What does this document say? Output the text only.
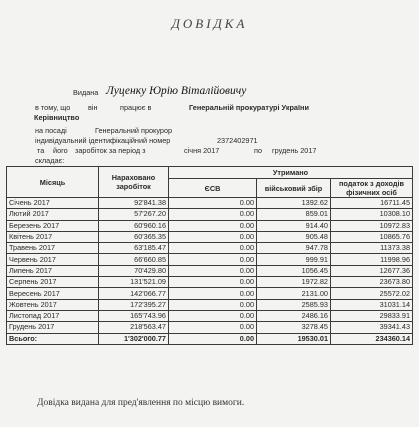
ДОВІДКА
Видана Луценку Юрію Віталійовичу
в тому, що він	працює в	Генеральній прокуратурі України
Керівництво
на посаді	Генеральний прокурор
індивідуальний ідентифікаційний номер	2372402971
та його заробіток за період з	січня 2017	по грудень 2017
складає:
Місяць	Нараховано заробіток	Утримано		
		ЄСВ	військовий збір	податок з доходів фізичних осіб
Січень 2017	92'841.38	0.00	1392.62	16711.45
Лютий 2017	57'267.20	0.00	859.01	10308.10
Березень 2017	60'960.16	0.00	914.40	10972.83
Квітень 2017	60'365.35	0.00	905.48	10865.76
Травень 2017	63'185.47	0.00	947.78	11373.38
Червень 2017	66'660.85	0.00	999.91	11998.96
Липень 2017	70'429.80	0.00	1056.45	12677.36
Серпень 2017	131'521.09	0.00	1972.82	23673.80
Вересень 2017	142'066.77	0.00	2131.00	25572.02
Жовтень 2017	172'395.27	0.00	2585.93	31031.14
Листопад 2017	165'743.96	0.00	2486.16	29833.91
Грудень 2017	218'563.47	0.00	3278.45	39341.43
Всього:	1'302'000.77	0.00	19530.01	234360.14
Довідка видана для пред'явлення по місцю вимоги.
